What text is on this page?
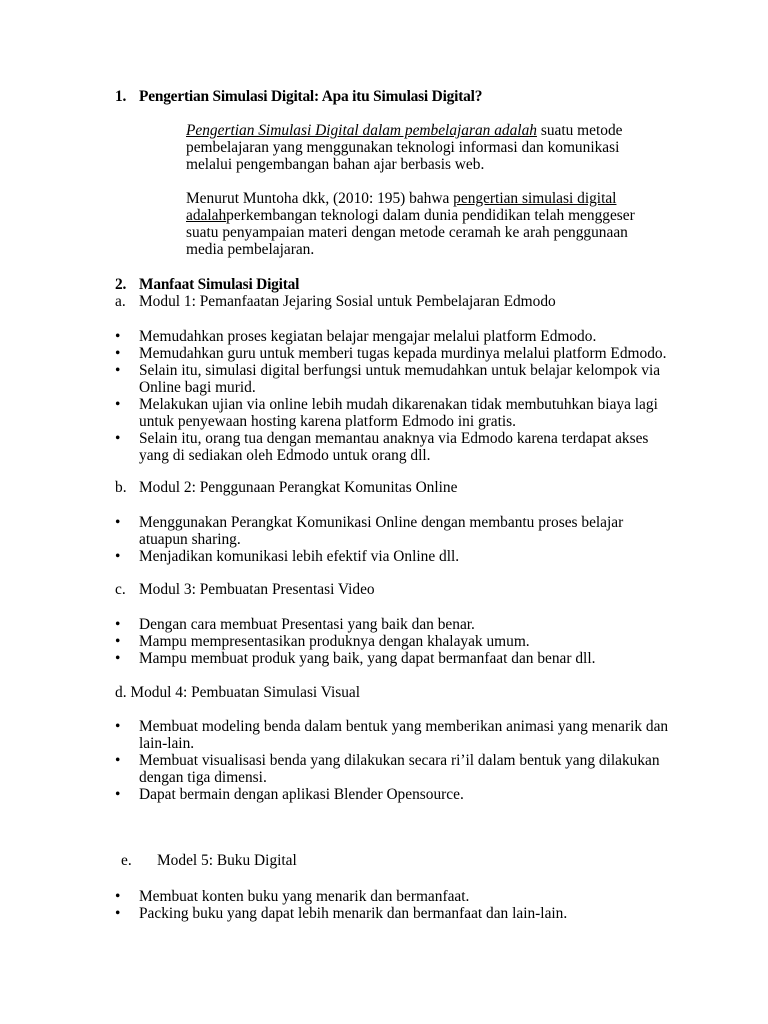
1. Pengertian Simulasi Digital: Apa itu Simulasi Digital?
Pengertian Simulasi Digital dalam pembelajaran adalah suatu metode pembelajaran yang menggunakan teknologi informasi dan komunikasi melalui pengembangan bahan ajar berbasis web.
Menurut Muntoha dkk, (2010: 195) bahwa pengertian simulasi digital adalahperkembangan teknologi dalam dunia pendidikan telah menggeser suatu penyampaian materi dengan metode ceramah ke arah penggunaan media pembelajaran.
2. Manfaat Simulasi Digital
a. Modul 1: Pemanfaatan Jejaring Sosial untuk Pembelajaran Edmodo
• Memudahkan proses kegiatan belajar mengajar melalui platform Edmodo.
• Memudahkan guru untuk memberi tugas kepada murdinya melalui platform Edmodo.
• Selain itu, simulasi digital berfungsi untuk memudahkan untuk belajar kelompok via Online bagi murid.
• Melakukan ujian via online lebih mudah dikarenakan tidak membutuhkan biaya lagi untuk penyewaan hosting karena platform Edmodo ini gratis.
• Selain itu, orang tua dengan memantau anaknya via Edmodo karena terdapat akses yang di sediakan oleh Edmodo untuk orang dll.
b. Modul 2: Penggunaan Perangkat Komunitas Online
• Menggunakan Perangkat Komunikasi Online dengan membantu proses belajar atuapun sharing.
• Menjadikan komunikasi lebih efektif via Online dll.
c. Modul 3: Pembuatan Presentasi Video
• Dengan cara membuat Presentasi yang baik dan benar.
• Mampu mempresentasikan produknya dengan khalayak umum.
• Mampu membuat produk yang baik, yang dapat bermanfaat dan benar dll.
d. Modul 4: Pembuatan Simulasi Visual
• Membuat modeling benda dalam bentuk yang memberikan animasi yang menarik dan lain-lain.
• Membuat visualisasi benda yang dilakukan secara ri’il dalam bentuk yang dilakukan dengan tiga dimensi.
• Dapat bermain dengan aplikasi Blender Opensource.
e. Model 5: Buku Digital
• Membuat konten buku yang menarik dan bermanfaat.
• Packing buku yang dapat lebih menarik dan bermanfaat dan lain-lain.
